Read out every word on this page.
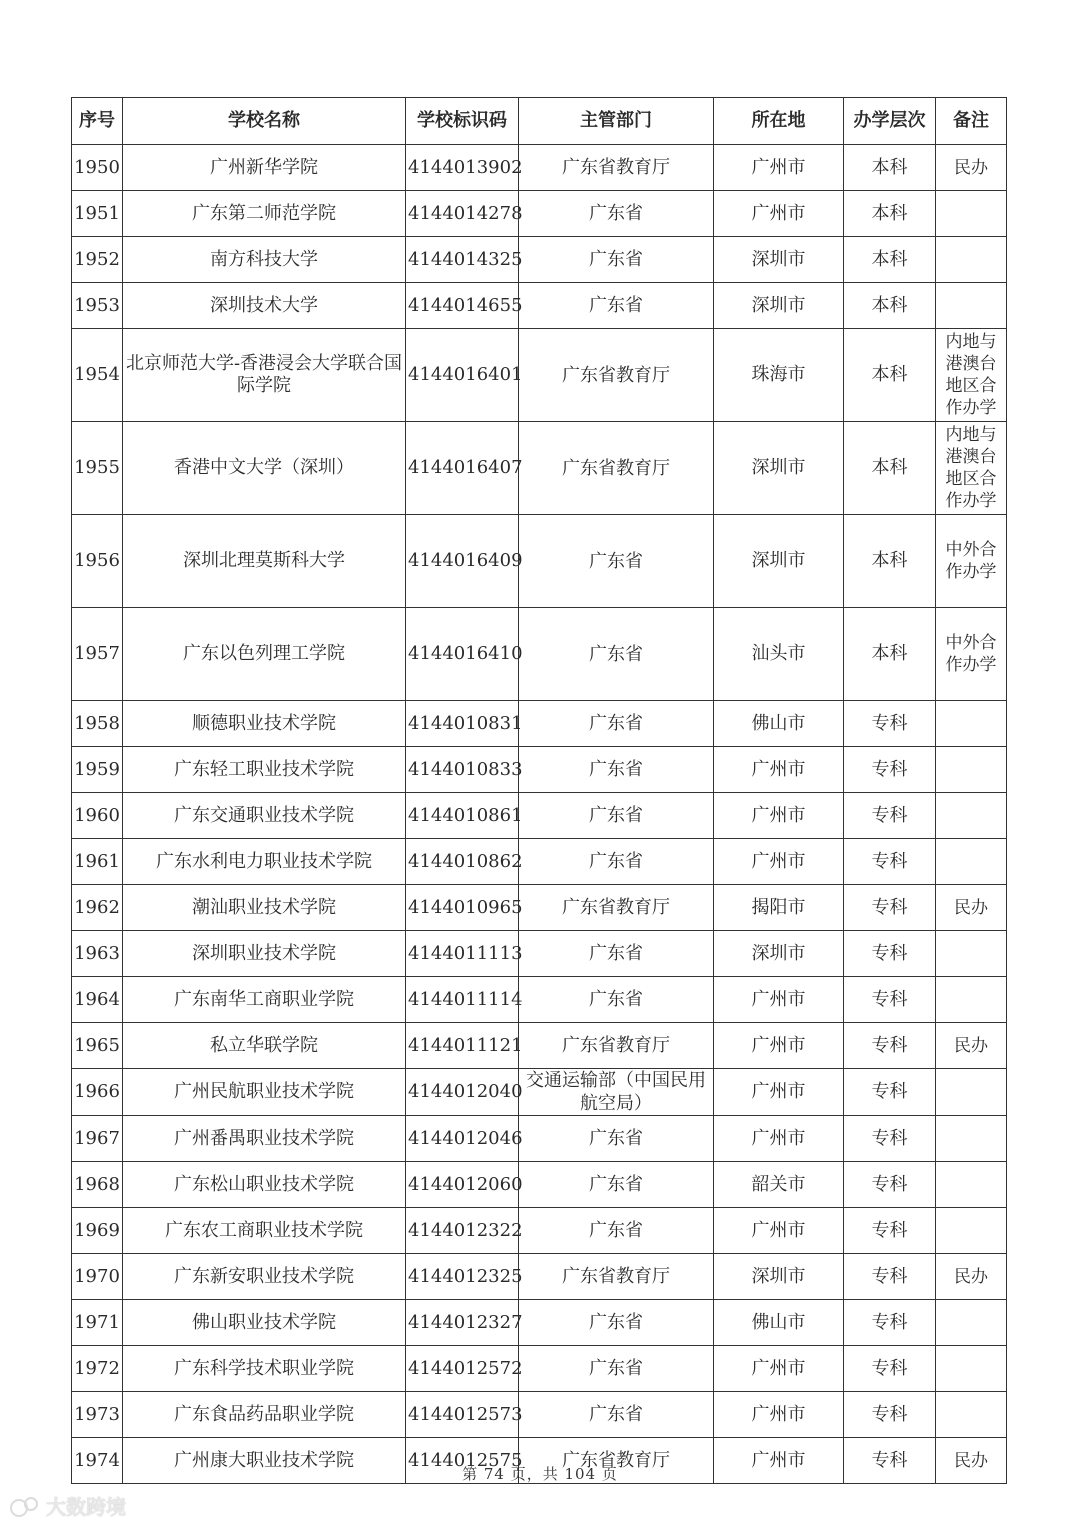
序号	学校名称	学校标识码	主管部门	所在地	办学层次	备注
1950	广州新华学院	4144013902	广东省教育厅	广州市	本科	民办
1951	广东第二师范学院	4144014278	广东省	广州市	本科	
1952	南方科技大学	4144014325	广东省	深圳市	本科	
1953	深圳技术大学	4144014655	广东省	深圳市	本科	
1954	北京师范大学-香港浸会大学联合国际学院	4144016401	广东省教育厅	珠海市	本科	内地与港澳台地区合作办学
1955	香港中文大学（深圳）	4144016407	广东省教育厅	深圳市	本科	内地与港澳台地区合作办学
1956	深圳北理莫斯科大学	4144016409	广东省	深圳市	本科	中外合作办学
1957	广东以色列理工学院	4144016410	广东省	汕头市	本科	中外合作办学
1958	顺德职业技术学院	4144010831	广东省	佛山市	专科	
1959	广东轻工职业技术学院	4144010833	广东省	广州市	专科	
1960	广东交通职业技术学院	4144010861	广东省	广州市	专科	
1961	广东水利电力职业技术学院	4144010862	广东省	广州市	专科	
1962	潮汕职业技术学院	4144010965	广东省教育厅	揭阳市	专科	民办
1963	深圳职业技术学院	4144011113	广东省	深圳市	专科	
1964	广东南华工商职业学院	4144011114	广东省	广州市	专科	
1965	私立华联学院	4144011121	广东省教育厅	广州市	专科	民办
1966	广州民航职业技术学院	4144012040	交通运输部（中国民用航空局）	广州市	专科	
1967	广州番禺职业技术学院	4144012046	广东省	广州市	专科	
1968	广东松山职业技术学院	4144012060	广东省	韶关市	专科	
1969	广东农工商职业技术学院	4144012322	广东省	广州市	专科	
1970	广东新安职业技术学院	4144012325	广东省教育厅	深圳市	专科	民办
1971	佛山职业技术学院	4144012327	广东省	佛山市	专科	
1972	广东科学技术职业学院	4144012572	广东省	广州市	专科	
1973	广东食品药品职业学院	4144012573	广东省	广州市	专科	
1974	广州康大职业技术学院	4144012575	广东省教育厅	广州市	专科	民办
第 74 页，共 104 页
大数跨境
